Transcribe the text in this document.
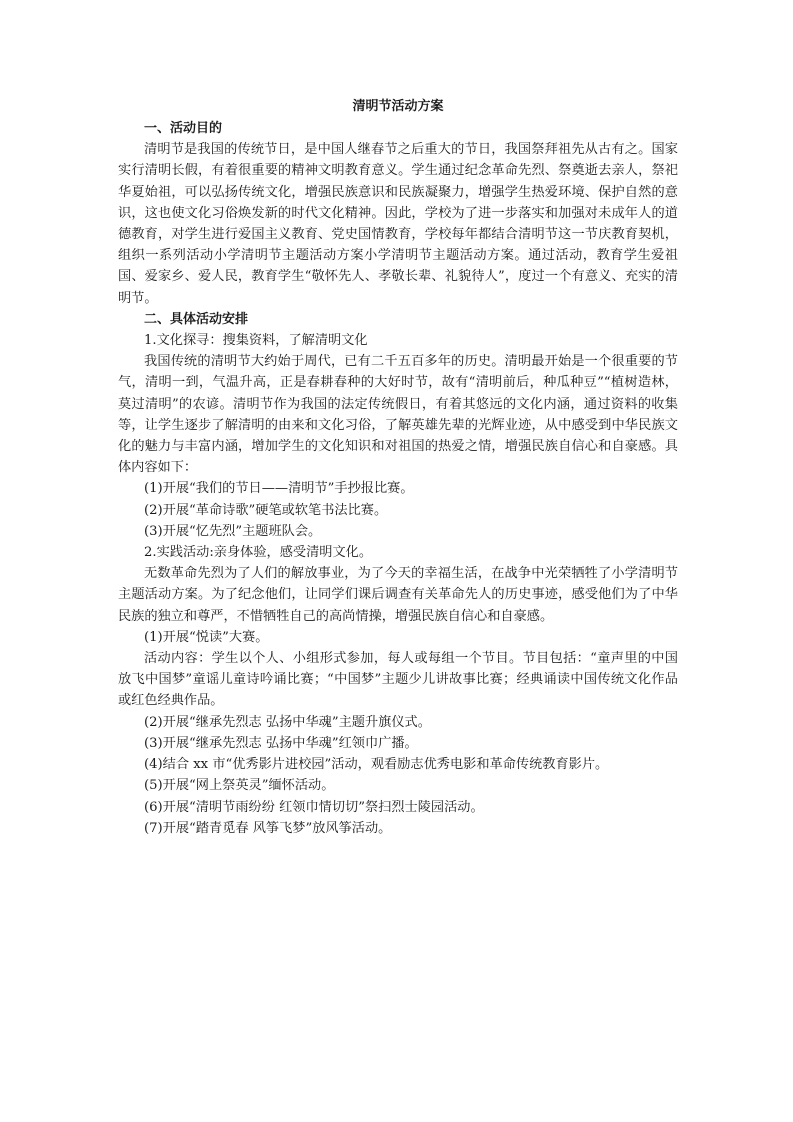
清明节活动方案
一、活动目的

清明节是我国的传统节日，是中国人继春节之后重大的节日，我国祭拜祖先从古有之。国家实行清明长假，有着很重要的精神文明教育意义。学生通过纪念革命先烈、祭奠逝去亲人，祭祀华夏始祖，可以弘扬传统文化，增强民族意识和民族凝聚力，增强学生热爱环境、保护自然的意识，这也使文化习俗焕发新的时代文化精神。因此，学校为了进一步落实和加强对未成年人的道德教育，对学生进行爱国主义教育、党史国情教育，学校每年都结合清明节这一节庆教育契机，组织一系列活动小学清明节主题活动方案小学清明节主题活动方案。通过活动，教育学生爱祖国、爱家乡、爱人民，教育学生“敬怀先人、孝敬长辈、礼貌待人”，度过一个有意义、充实的清明节。

二、具体活动安排

1.文化探寻：搜集资料，了解清明文化

我国传统的清明节大约始于周代，已有二千五百多年的历史。清明最开始是一个很重要的节气，清明一到，气温升高，正是春耕春种的大好时节，故有“清明前后，种瓜种豆”“植树造林，莫过清明”的农谚。清明节作为我国的法定传统假日，有着其悠远的文化内涵，通过资料的收集等，让学生逐步了解清明的由来和文化习俗，了解英雄先辈的光辉业迹，从中感受到中华民族文化的魅力与丰富内涵，增加学生的文化知识和对祖国的热爱之情，增强民族自信心和自豪感。具体内容如下：

(1)开展“我们的节日——清明节”手抄报比赛。

(2)开展“革命诗歌”硬笔或软笔书法比赛。

(3)开展“忆先烈”主题班队会。

2.实践活动:亲身体验，感受清明文化。

无数革命先烈为了人们的解放事业，为了今天的幸福生活，在战争中光荣牺牲了小学清明节主题活动方案。为了纪念他们，让同学们课后调查有关革命先人的历史事迹，感受他们为了中华民族的独立和尊严，不惜牺牲自己的高尚情操，增强民族自信心和自豪感。

(1)开展“悦读”大赛。

活动内容：学生以个人、小组形式参加，每人或每组一个节目。节目包括：“童声里的中国 放飞中国梦”童谣儿童诗吟诵比赛；“中国梦”主题少儿讲故事比赛；经典诵读中国传统文化作品或红色经典作品。

(2)开展“继承先烈志 弘扬中华魂”主题升旗仪式。

(3)开展“继承先烈志 弘扬中华魂”红领巾广播。

(4)结合 xx 市“优秀影片进校园”活动，观看励志优秀电影和革命传统教育影片。

(5)开展“网上祭英灵”缅怀活动。

(6)开展“清明节雨纷纷 红领巾情切切”祭扫烈士陵园活动。

(7)开展“踏青觅春 风筝飞梦”放风筝活动。
